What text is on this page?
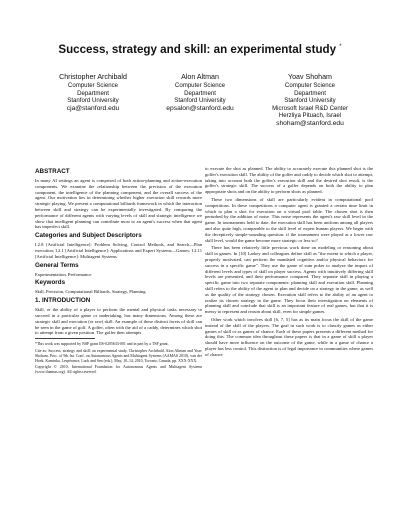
Success, strategy and skill: an experimental study *
Christopher Archibald
Computer Science
Department
Stanford University
cja@stanford.edu
Alon Altman
Computer Science
Department
Stanford University
epsalon@stanford.edu
Yoav Shoham
Computer Science
Department
Stanford University
Microsoft Israel R&D Center
Herzliya Pituach, Israel
shoham@stanford.edu
ABSTRACT

In many AI settings an agent is comprised of both action-planning and action-execution components. We examine the relationship between the precision of the execution component, the intelligence of the planning component, and the overall success of the agent. Our motivation lies in determining whether higher execution skill rewards more strategic playing. We present a computational billiards framework in which the interaction between skill and strategy can be experimentally investigated. By comparing the performance of different agents with varying levels of skill and strategic intelligence we show that intelligent planning can contribute most to an agent's success when that agent has imperfect skill.

Categories and Subject Descriptors

I.2.8 [Artificial Intelligence]: Problem Solving, Control Methods, and Search—Plan execution; I.2.1 [Artificial Intelligence]: Applications and Expert Systems—Games; I.2.11 [Artificial Intelligence]: Multiagent Systems

General Terms

Experimentation, Performance

Keywords

Skill, Precision, Computational Billiards, Strategy, Planning

1. INTRODUCTION

Skill, or the ability of a player to perform the mental and physical tasks necessary to succeed in a particular game or undertaking, has many dimensions. Among these are strategic skill and execution (or raw) skill. An example of these distinct facets of skill can be seen in the game of golf. A golfer, often with the aid of a caddy, determines which shot to attempt from a given position. The golfer then attempts

*This work was supported by NSF grant IIS-0205633-001 and in part by a TSF grant.

Cite as: Success, strategy and skill: an experimental study, Christopher Archibald, Alon Altman and Yoav Shoham, Proc. of 9th Int. Conf. on Autonomous Agents and Multiagent Systems (AAMAS 2010), van der Hoek, Kaminka, Lespérance, Luck and Sen (eds.), May, 10–14, 2010, Toronto, Canada, pp. XXX-XXX.

Copyright © 2010, International Foundation for Autonomous Agents and Multiagent Systems (www.ifaamas.org). All rights reserved.

to execute the shot as planned. The ability to accurately execute this planned shot is the golfer's execution skill. The ability of the golfer and caddy to decide which shot to attempt, taking into account both the golfer's execution skill and the desired shot result, is the golfer's strategic skill. The success of a golfer depends on both the ability to plan appropriate shots and on the ability to perform shots as planned.

These two dimensions of skill are particularly evident in computational pool competitions. In these competitions a computer agent is granted a certain time limit in which to plan a shot for execution on a virtual pool table. The chosen shot is then perturbed by the addition of noise. This noise represents the agent's raw skill level in the game. In tournaments held to date, the execution skill has been uniform among all players and also quite high, comparable to the skill level of expert human players. We begin with the deceptively simple-sounding question: if the tournament were played at a lower raw skill level, would the game become more strategic or less so?

There has been relatively little previous work done on modeling or reasoning about skill in games. In [10] Larkey and colleagues define skill as "the extent to which a player, properly motivated, can perform the mandated cognitive and/or physical behaviors for success in a specific game". They use the game of sum poker to analyze the impact of different levels and types of skill on player success. Agents with intuitively differing skill levels are presented, and their performance compared. They separate skill in playing a specific game into two separate components: planning skill and execution skill. Planning skill refers to the ability of the agent to plan and decide on a strategy in the game, as well as the quality of the strategy chosen. Execution skill refers to the ability of an agent to realize its chosen strategy in the game. They focus their investigation on elements of planning skill and conclude that skill is an important feature of real games, but that it is messy to represent and reason about skill, even for simple games.

Other work which involves skill [6, 7, 5] has as its main focus the skill of the game instead of the skill of the players. The goal in such work is to classify games as either games of skill or as games of chance. Each of these papers presents a different method for doing this. The common idea throughout these papers is that in a game of skill a player should have more influence on the outcome of the game, while in a game of chance a player has less control. This distinction is of legal importance in communities where games of chance
